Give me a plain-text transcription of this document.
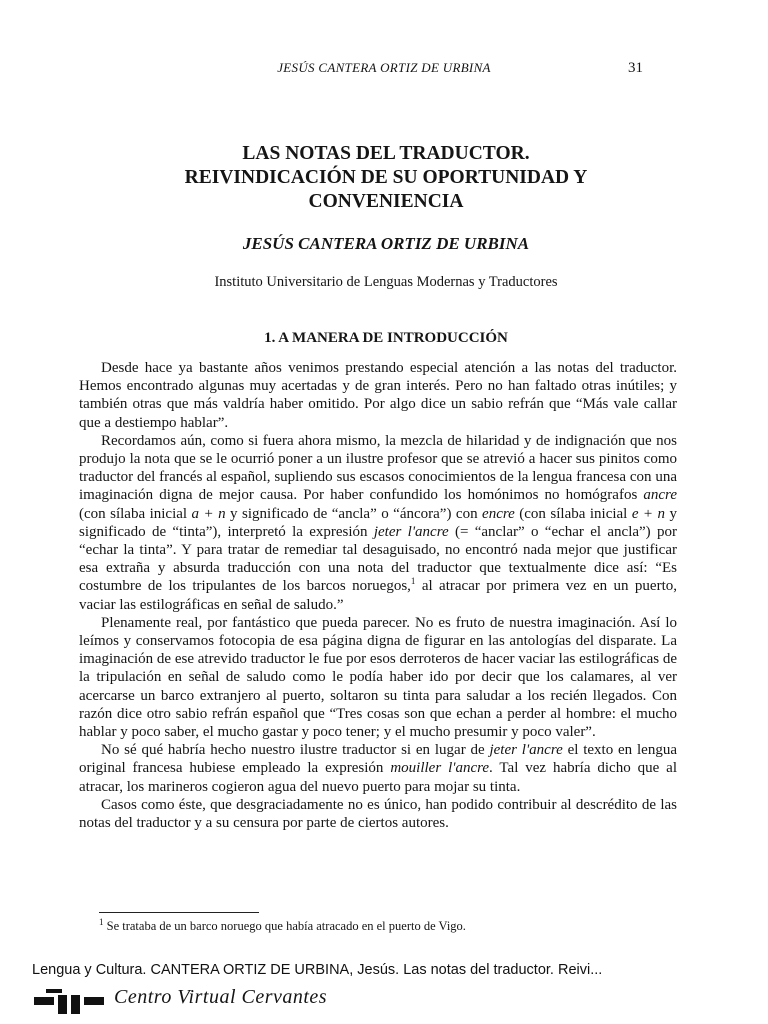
JESÚS CANTERA ORTIZ DE URBINA	31
LAS NOTAS DEL TRADUCTOR.
REIVINDICACIÓN DE SU OPORTUNIDAD Y
CONVENIENCIA
JESÚS CANTERA ORTIZ DE URBINA
Instituto Universitario de Lenguas Modernas y Traductores
1. A MANERA DE INTRODUCCIÓN

Desde hace ya bastante años venimos prestando especial atención a las notas del traductor. Hemos encontrado algunas muy acertadas y de gran interés. Pero no han faltado otras inútiles; y también otras que más valdría haber omitido. Por algo dice un sabio refrán que “Más vale callar que a destiempo hablar”.

Recordamos aún, como si fuera ahora mismo, la mezcla de hilaridad y de indignación que nos produjo la nota que se le ocurrió poner a un ilustre profesor que se atrevió a hacer sus pinitos como traductor del francés al español, supliendo sus escasos conocimientos de la lengua francesa con una imaginación digna de mejor causa. Por haber confundido los homónimos no homógrafos ancre (con sílaba inicial a + n y significado de “ancla” o “áncora”) con encre (con sílaba inicial e + n y significado de “tinta”), interpretó la expresión jeter l'ancre (= “anclar” o “echar el ancla”) por “echar la tinta”. Y para tratar de remediar tal desaguisado, no encontró nada mejor que justificar esa extraña y absurda traducción con una nota del traductor que textualmente dice así: “Es costumbre de los tripulantes de los barcos noruegos,$^1$ al atracar por primera vez en un puerto, vaciar las estilográficas en señal de saludo.”

Plenamente real, por fantástico que pueda parecer. No es fruto de nuestra imaginación. Así lo leímos y conservamos fotocopia de esa página digna de figurar en las antologías del disparate. La imaginación de ese atrevido traductor le fue por esos derroteros de hacer vaciar las estilográficas de la tripulación en señal de saludo como le podía haber ido por decir que los calamares, al ver acercarse un barco extranjero al puerto, soltaron su tinta para saludar a los recién llegados. Con razón dice otro sabio refrán español que “Tres cosas son que echan a perder al hombre: el mucho hablar y poco saber, el mucho gastar y poco tener; y el mucho presumir y poco valer”.

No sé qué habría hecho nuestro ilustre traductor si en lugar de jeter l'ancre el texto en lengua original francesa hubiese empleado la expresión mouiller l'ancre. Tal vez habría dicho que al atracar, los marineros cogieron agua del nuevo puerto para mojar su tinta.

Casos como éste, que desgraciadamente no es único, han podido contribuir al descrédito de las notas del traductor y a su censura por parte de ciertos autores.

$^1$ Se trataba de un barco noruego que había atracado en el puerto de Vigo.
Lengua y Cultura. CANTERA ORTIZ DE URBINA, Jesús. Las notas del traductor. Reivi...
Centro Virtual Cervantes
